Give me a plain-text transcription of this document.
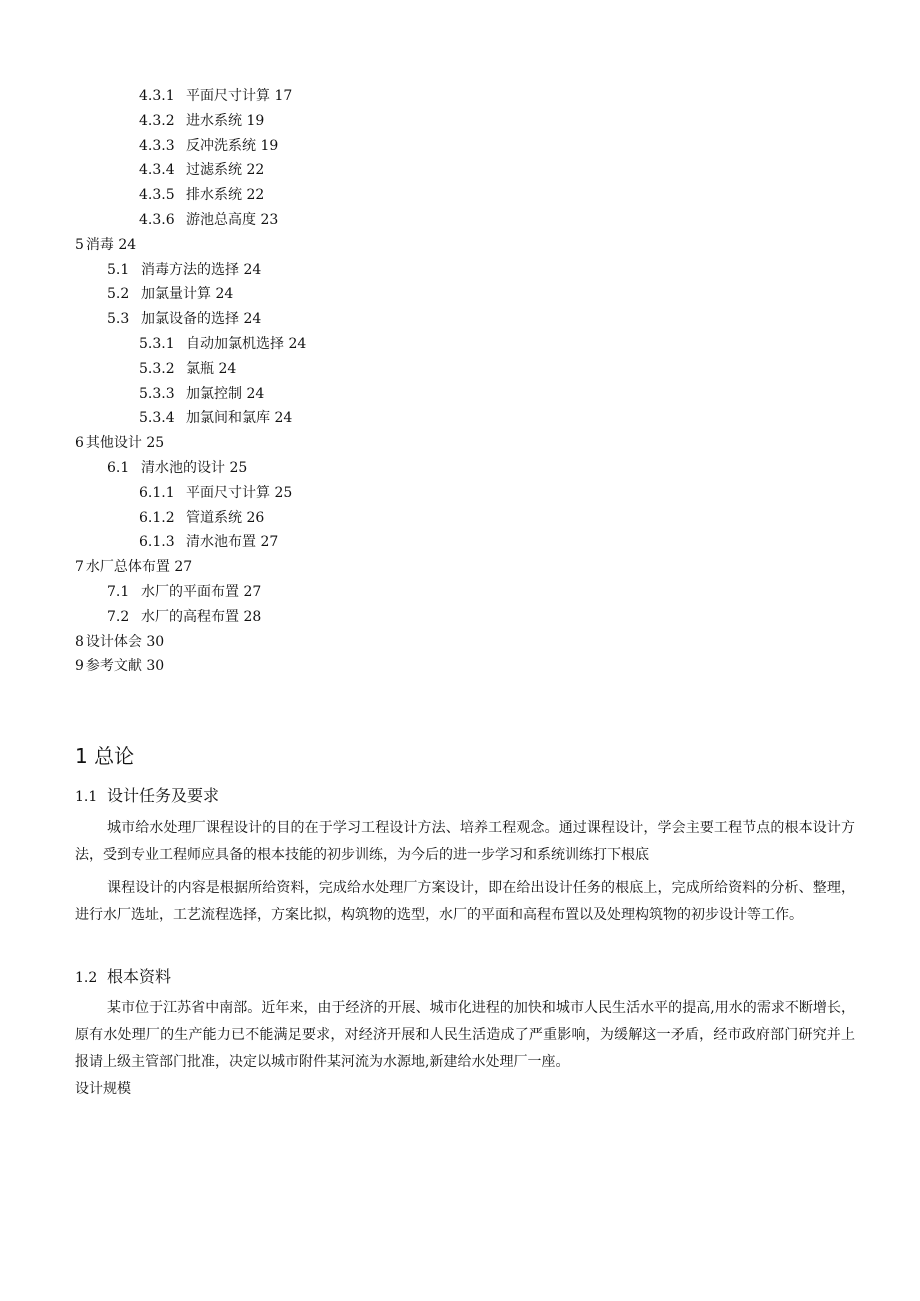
4.3.1 平面尺寸计算 17
4.3.2 进水系统 19
4.3.3 反冲洗系统 19
4.3.4 过滤系统 22
4.3.5 排水系统 22
4.3.6 游池总高度 23
5 消毒 24
5.1 消毒方法的选择 24
5.2 加氯量计算 24
5.3 加氯设备的选择 24
5.3.1 自动加氯机选择 24
5.3.2 氯瓶 24
5.3.3 加氯控制 24
5.3.4 加氯间和氯库 24
6 其他设计 25
6.1 清水池的设计 25
6.1.1 平面尺寸计算 25
6.1.2 管道系统 26
6.1.3 清水池布置 27
7 水厂总体布置 27
7.1 水厂的平面布置 27
7.2 水厂的高程布置 28
8 设计体会 30
9 参考文献 30
1 总论
1.1 设计任务及要求
城市给水处理厂课程设计的目的在于学习工程设计方法、培养工程观念。通过课程设计，学会主要工程节点的根本设计方法，受到专业工程师应具备的根本技能的初步训练，为今后的进一步学习和系统训练打下根底
课程设计的内容是根据所给资料，完成给水处理厂方案设计，即在给出设计任务的根底上，完成所给资料的分析、整理，进行水厂选址，工艺流程选择，方案比拟，构筑物的选型，水厂的平面和高程布置以及处理构筑物的初步设计等工作。
1.2 根本资料
某市位于江苏省中南部。近年来，由于经济的开展、城市化进程的加快和城市人民生活水平的提高,用水的需求不断增长，原有水处理厂的生产能力已不能满足要求，对经济开展和人民生活造成了严重影响，为缓解这一矛盾，经市政府部门研究并上报请上级主管部门批准，决定以城市附件某河流为水源地,新建给水处理厂一座。
设计规模
